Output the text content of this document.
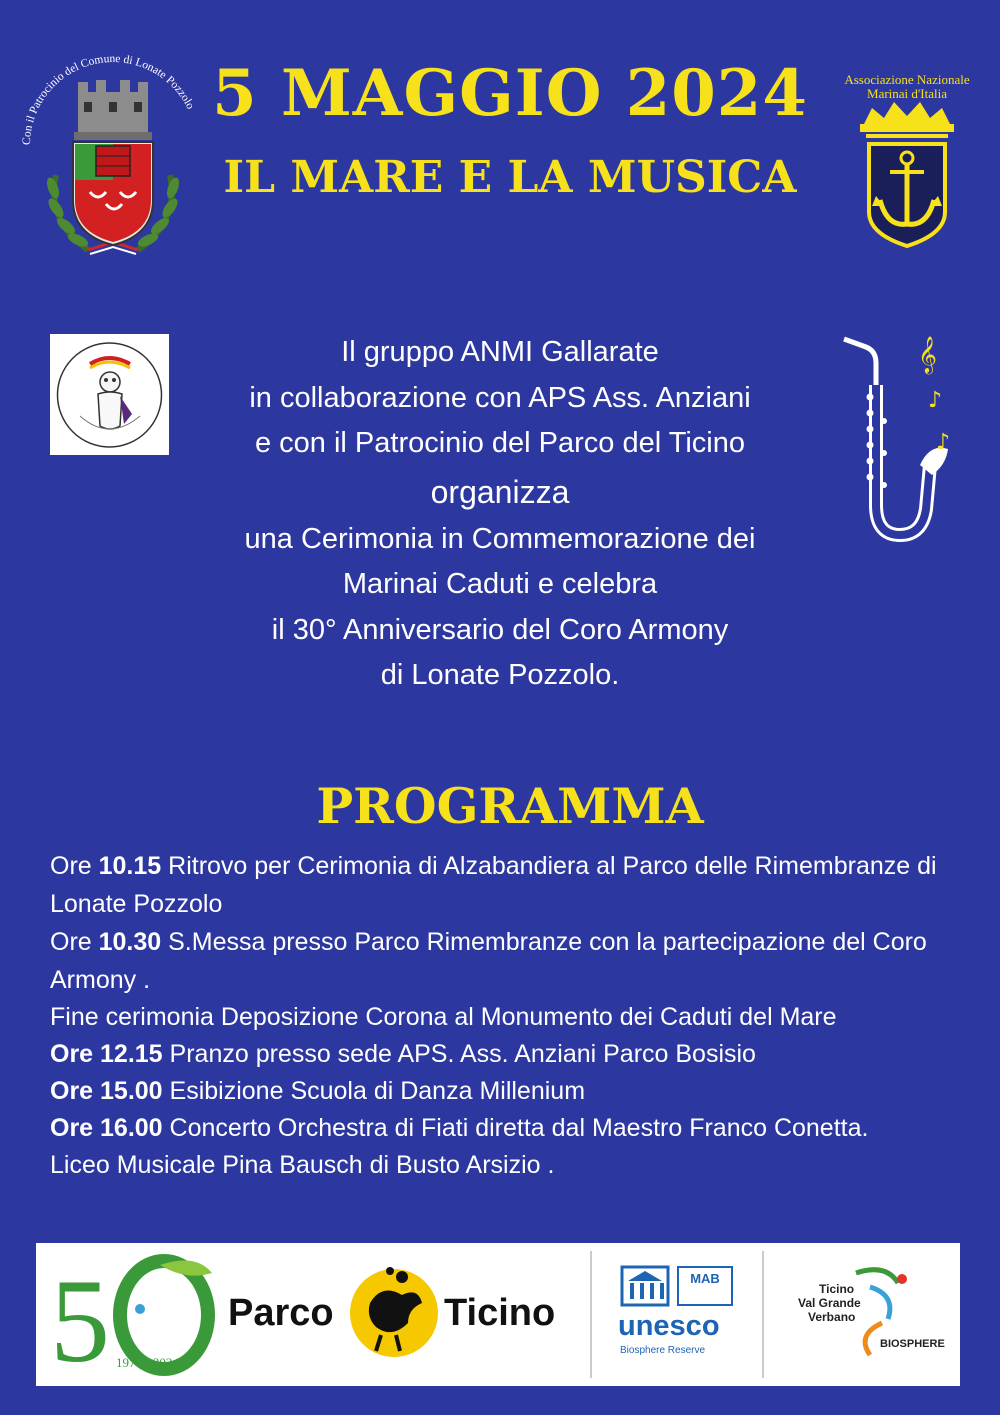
Con il Patrocinio del Comune di Lonate Pozzolo 5 MAGGIO 2024
IL MARE E LA MUSICA
Associazione Nazionale
Marinai d'Italia
𝄞
♪
♪
Il gruppo ANMI Gallarate
in collaborazione con APS Ass. Anziani
e con il Patrocinio del Parco del Ticino
organizza
una Cerimonia in Commemorazione dei
Marinai Caduti e celebra
il 30° Anniversario del Coro Armony
di Lonate Pozzolo.
PROGRAMMA

Ore 10.15 Ritrovo per Cerimonia di Alzabandiera al Parco delle Rimembranze di Lonate Pozzolo

Ore 10.30 S.Messa presso Parco Rimembranze con la partecipazione del Coro Armony .

Fine cerimonia Deposizione Corona al Monumento dei Caduti del Mare

Ore 12.15 Pranzo presso sede APS. Ass. Anziani Parco Bosisio

Ore 15.00 Esibizione Scuola di Danza Millenium

Ore 16.00 Concerto Orchestra di Fiati diretta dal Maestro Franco Conetta.

Liceo Musicale Pina Bausch di Busto Arsizio .

5 1974 - 2024
Parco	Ticino
MAB
unesco
Biosphere Reserve
Ticino
Val Grande
Verbano
BIOSPHERE
